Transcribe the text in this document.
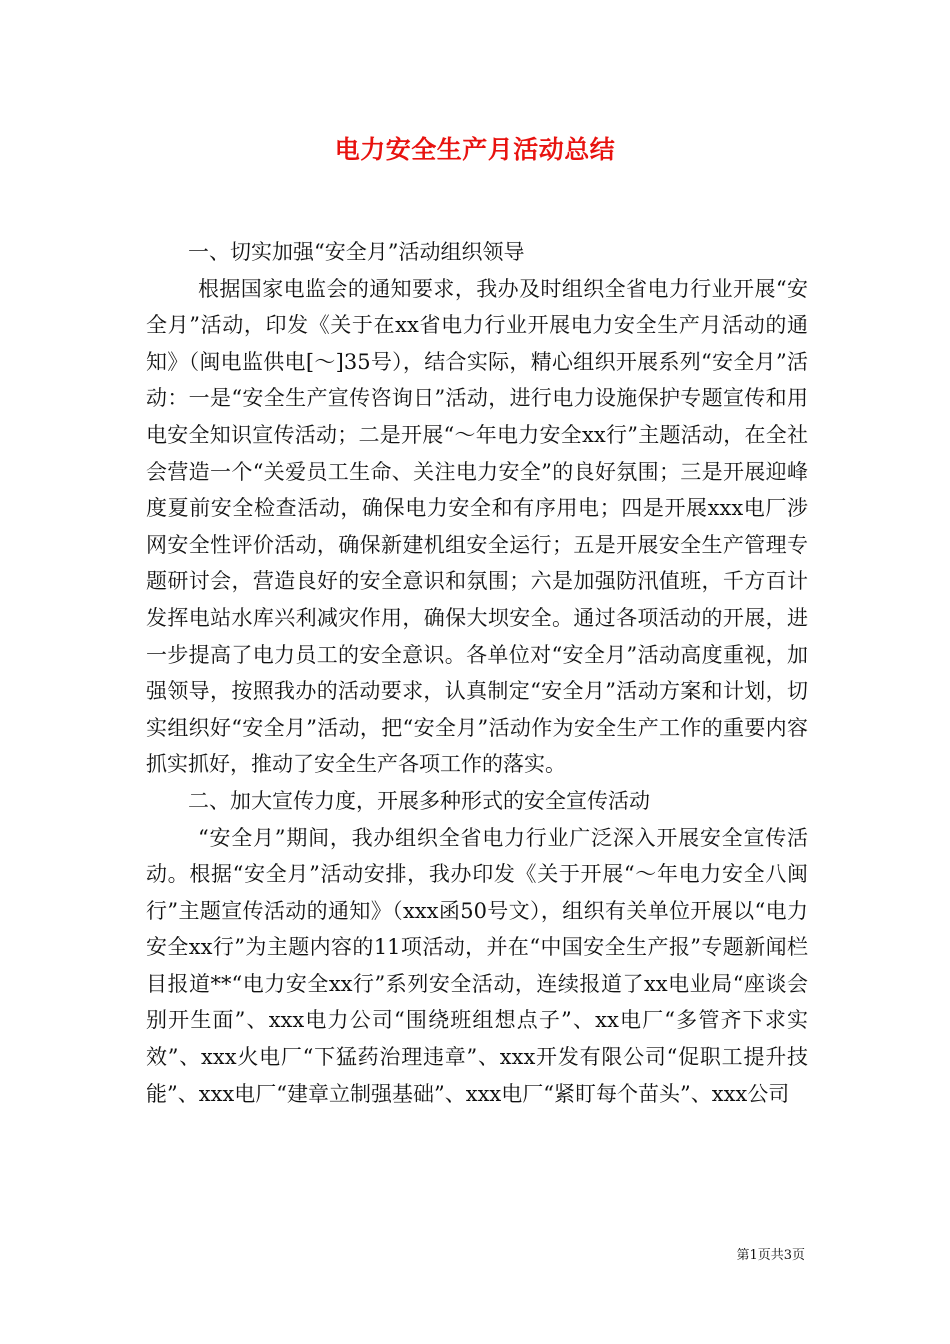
电力安全生产月活动总结

一、切实加强“安全月”活动组织领导

根据国家电监会的通知要求，我办及时组织全省电力行业开展“安全月”活动，印发《关于在xx省电力行业开展电力安全生产月活动的通知》（闽电监供电[～]35号），结合实际，精心组织开展系列“安全月”活动：一是“安全生产宣传咨询日”活动，进行电力设施保护专题宣传和用电安全知识宣传活动；二是开展“～年电力安全xx行”主题活动，在全社会营造一个“关爱员工生命、关注电力安全”的良好氛围；三是开展迎峰度夏前安全检查活动，确保电力安全和有序用电；四是开展xxx电厂涉网安全性评价活动，确保新建机组安全运行；五是开展安全生产管理专题研讨会，营造良好的安全意识和氛围；六是加强防汛值班，千方百计发挥电站水库兴利减灾作用，确保大坝安全。通过各项活动的开展，进一步提高了电力员工的安全意识。各单位对“安全月”活动高度重视，加强领导，按照我办的活动要求，认真制定“安全月”活动方案和计划，切实组织好“安全月”活动，把“安全月”活动作为安全生产工作的重要内容抓实抓好，推动了安全生产各项工作的落实。

二、加大宣传力度，开展多种形式的安全宣传活动

“安全月”期间，我办组织全省电力行业广泛深入开展安全宣传活动。根据“安全月”活动安排，我办印发《关于开展“～年电力安全八闽行”主题宣传活动的通知》（xxx函50号文），组织有关单位开展以“电力安全xx行”为主题内容的11项活动，并在“中国安全生产报”专题新闻栏目报道**“电力安全xx行”系列安全活动，连续报道了xx电业局“座谈会别开生面”、xxx电力公司“围绕班组想点子”、xx电厂“多管齐下求实效”、xxx火电厂“下猛药治理违章”、xxx开发有限公司“促职工提升技能”、xxx电厂“建章立制强基础”、xxx电厂“紧盯每个苗头”、xxx公司

第1页共3页
